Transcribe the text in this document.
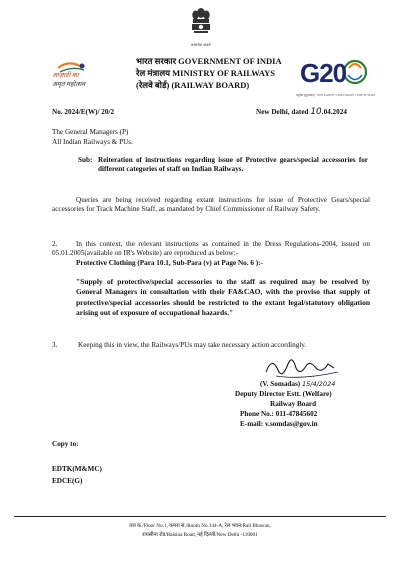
सत्यमेव जयते
आज़ादी का
अमृत महोत्सव
भारत सरकार GOVERNMENT OF INDIA
रेल मंत्रालय MINISTRY OF RAILWAYS
(रेलवे बोर्ड) (RAILWAY BOARD)	G20
वसुधैव कुटुम्बकम् • ONE EARTH • ONE FAMILY • ONE FUTURE
No. 2024/E(W)/ 20/2	New Delhi, dated 10.04.2024
The General Managers (P)
All Indian Railways & PUs.
Sub: Reiteration of instructions regarding issue of Protective gears/special accessories for different categories of staff on Indian Railways.
Queries are being received regarding extant instructions for issue of Protective Gears/special accessories for Track Machine Staff, as mandated by Chief Commissioner of Railway Safety.
2.	In this context, the relevant instructions as contained in the Dress Regulations-2004, issued on 05.01.2005(available on IR's Website) are reproduced as below:-
Protective Clothing (Para 10.1, Sub-Para (v) at Page No. 6 ):-
"Supply of protective/special accessories to the staff as required may be resolved by General Managers in consultation with their FA&CAO, with the proviso that supply of protective/special accessories should be restricted to the extant legal/statutory obligation arising out of exposure of occupational hazards."
3.	Keeping this in view, the Railways/PUs may take necessary action accordingly.
(V. Somadas) 15/4/2024
Deputy Director Estt. (Welfare)
Railway Board
Phone No.: 011-47845602
E-mail: v.somdas@gov.in
Copy to:
EDTK(M&MC)
EDCE(G)
तल क./Floor No.1, कमरा सं./Room No.144-A, रेल भवन/Rail Bhawan,
रायसीना रोड/Raisina Road, नई दिल्ली/New Delhi -110001
